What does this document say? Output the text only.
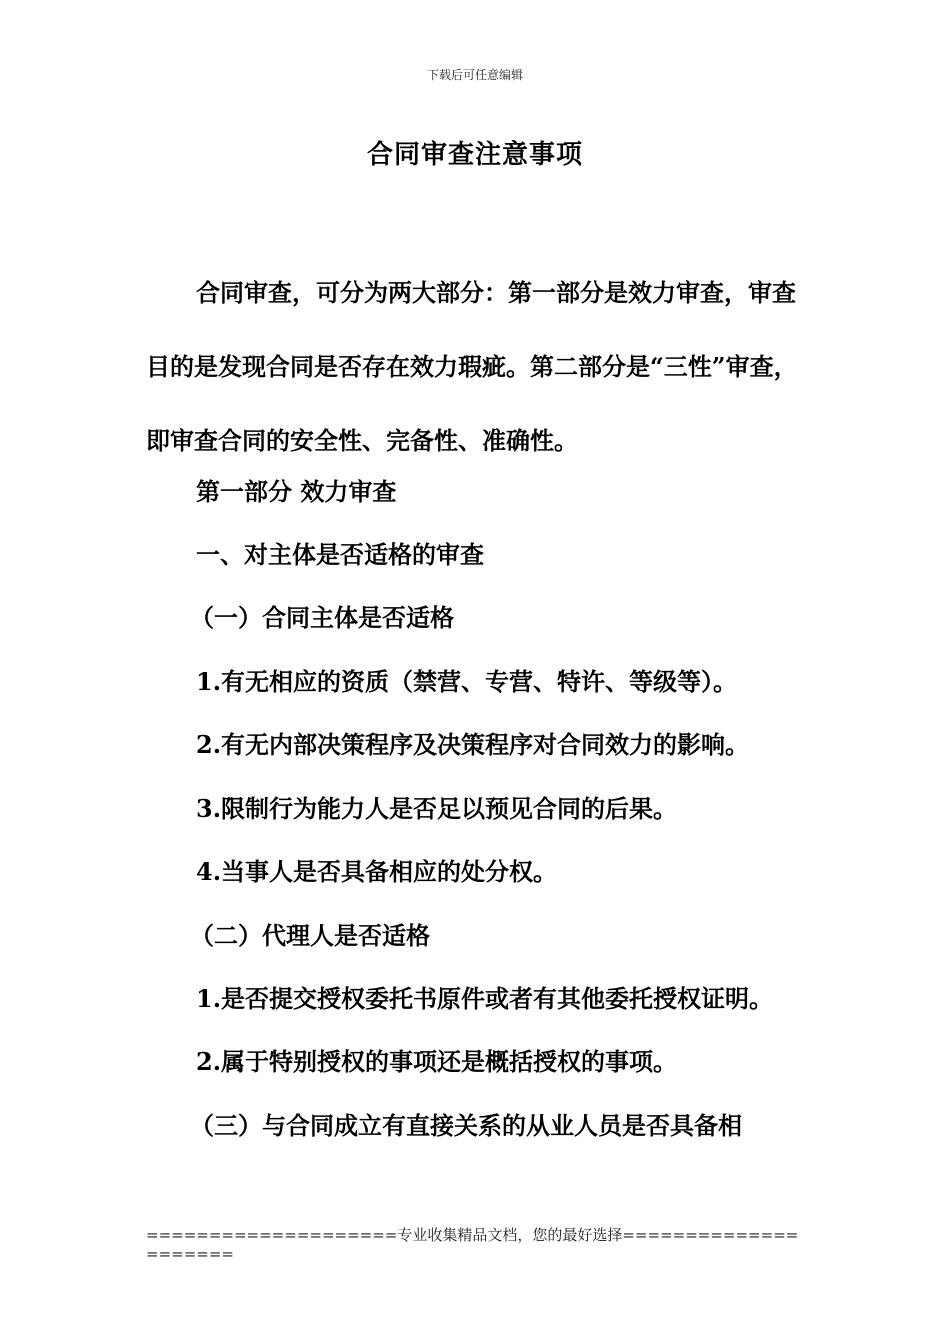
下载后可任意编辑
合同审查注意事项

合同审查，可分为两大部分：第一部分是效力审查，审查目的是发现合同是否存在效力瑕疵。第二部分是“三性”审查，即审查合同的安全性、完备性、准确性。

第一部分 效力审查
一、对主体是否适格的审查
（一）合同主体是否适格
1.有无相应的资质（禁营、专营、特许、等级等）。
2.有无内部决策程序及决策程序对合同效力的影响。
3.限制行为能力人是否足以预见合同的后果。
4.当事人是否具备相应的处分权。
（二）代理人是否适格
1.是否提交授权委托书原件或者有其他委托授权证明。
2.属于特别授权的事项还是概括授权的事项。
（三）与合同成立有直接关系的从业人员是否具备相
====================专业收集精品文档，您的最好选择=====================
